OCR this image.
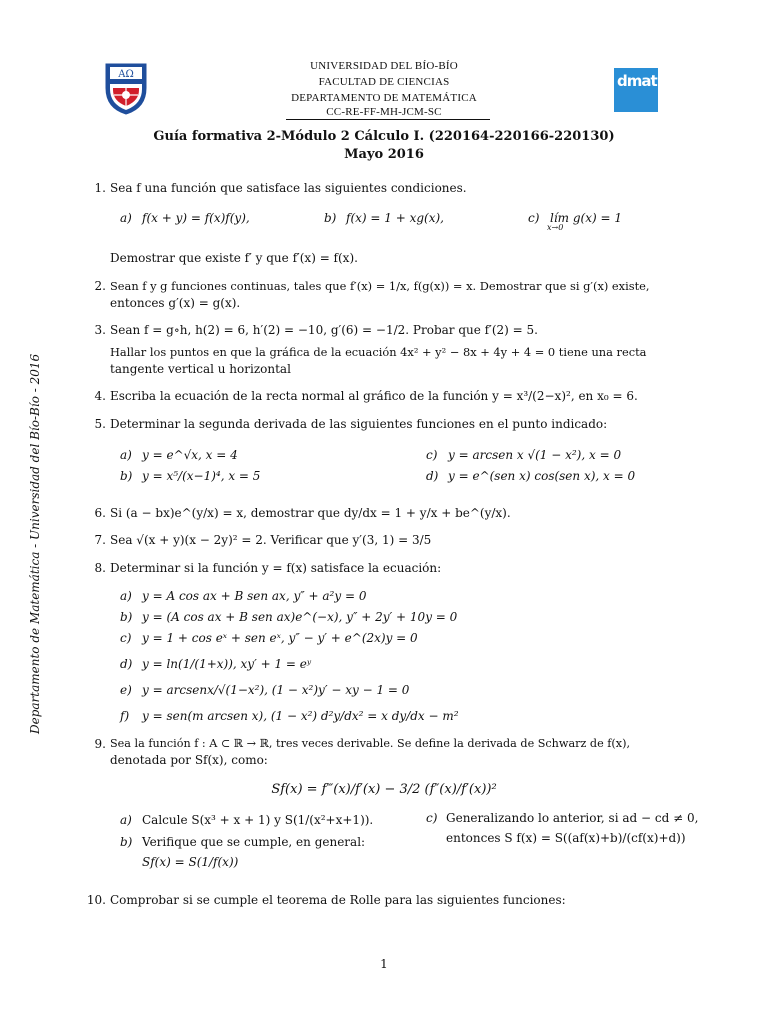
ΑΩ	dmat
UNIVERSIDAD DEL BÍO-BÍO
FACULTAD DE CIENCIAS
DEPARTAMENTO DE MATEMÁTICA
CC-RE-FF-MH-JCM-SC
Guía formativa 2-Módulo 2 Cálculo I. (220164-220166-220130)
Mayo 2016
Departamento de Matemática - Universidad del Bío-Bío - 2016
1. Sea f una función que satisface las siguientes condiciones.
a) f(x + y) = f(x)f(y),	b) f(x) = 1 + xg(x),	c) lím g(x) = 1
x→0
Demostrar que existe f′ y que f′(x) = f(x).
2. Sean f y g funciones continuas, tales que f′(x) = 1/x, f(g(x)) = x. Demostrar que si g′(x) existe,
entonces g′(x) = g(x).
3. Sean f = g∘h, h(2) = 6, h′(2) = −10, g′(6) = −1/2. Probar que f′(2) = 5.
Hallar los puntos en que la gráfica de la ecuación 4x² + y² − 8x + 4y + 4 = 0 tiene una recta
tangente vertical u horizontal
4. Escriba la ecuación de la recta normal al gráfico de la función y = x³/(2−x)², en x₀ = 6.
5. Determinar la segunda derivada de las siguientes funciones en el punto indicado:
a) y = e^√x, x = 4
b) y = x⁵/(x−1)⁴, x = 5
c) y = arcsen x √(1 − x²), x = 0
d) y = e^(sen x) cos(sen x), x = 0
6. Si (a − bx)e^(y/x) = x, demostrar que dy/dx = 1 + y/x + be^(y/x).
7. Sea √(x + y)(x − 2y)² = 2. Verificar que y′(3, 1) = 3/5
8. Determinar si la función y = f(x) satisface la ecuación:
a) y = A cos ax + B sen ax, y″ + a²y = 0
b) y = (A cos ax + B sen ax)e^(−x), y″ + 2y′ + 10y = 0
c) y = 1 + cos eˣ + sen eˣ, y″ − y′ + e^(2x)y = 0
d) y = ln(1/(1+x)), xy′ + 1 = eʸ
e) y = arcsenx/√(1−x²), (1 − x²)y′ − xy − 1 = 0
f) y = sen(m arcsen x), (1 − x²) d²y/dx² = x dy/dx − m²
9. Sea la función f : A ⊂ ℝ → ℝ, tres veces derivable. Se define la derivada de Schwarz de f(x),
denotada por Sf(x), como:
Sf(x) = f‴(x)/f′(x) − 3/2 (f″(x)/f′(x))²
a) Calcule S(x³ + x + 1) y S(1/(x²+x+1)).
b) Verifique que se cumple, en general:
Sf(x) = S(1/f(x))
c) Generalizando lo anterior, si ad − cd ≠ 0,
entonces S f(x) = S((af(x)+b)/(cf(x)+d))
10. Comprobar si se cumple el teorema de Rolle para las siguientes funciones:
1
